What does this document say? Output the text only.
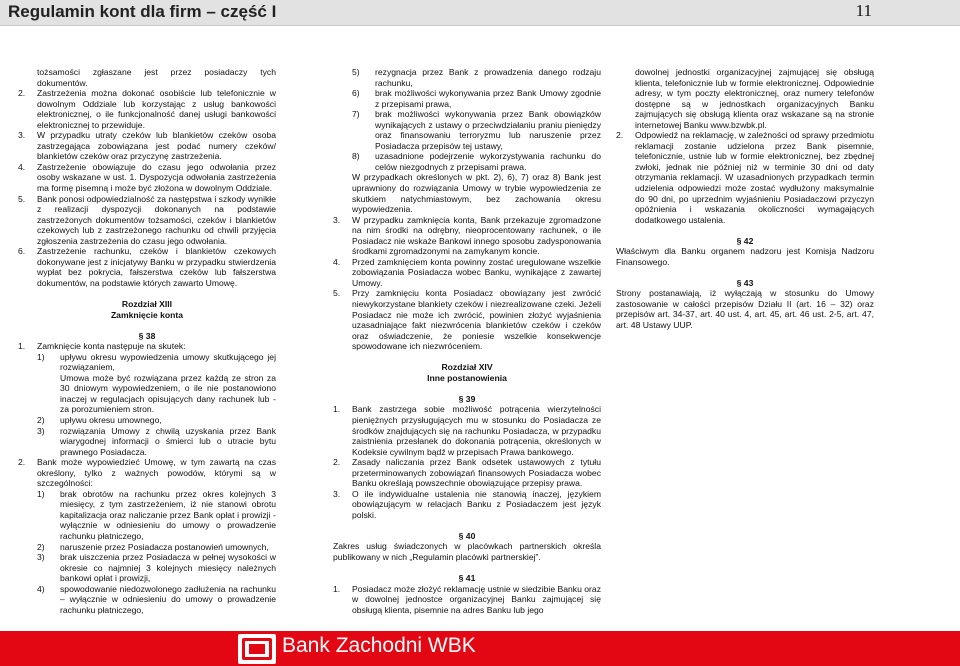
Regulamin kont dla firm – część I	11
tożsamości zgłaszane jest przez posiadaczy tych dokumentów.
2. Zastrzeżenia można dokonać osobiście lub telefonicznie w dowolnym Oddziale lub korzystając z usług bankowości elektronicznej, o ile funkcjonalność danej usługi bankowości elektronicznej to przewiduje.
3. W przypadku utraty czeków lub blankietów czeków osoba zastrzegająca zobowiązana jest podać numery czeków/ blankietów czeków oraz przyczynę zastrzeżenia.
4. Zastrzeżenie obowiązuje do czasu jego odwołania przez osoby wskazane w ust. 1. Dyspozycja odwołania zastrzeżenia ma formę pisemną i może być złożona w dowolnym Oddziale.
5. Bank ponosi odpowiedzialność za następstwa i szkody wynikłe z realizacji dyspozycji dokonanych na podstawie zastrzeżonych dokumentów tożsamości, czeków i blankietów czekowych lub z zastrzeżonego rachunku od chwili przyjęcia zgłoszenia zastrzeżenia do czasu jego odwołania.
6. Zastrzeżenie rachunku, czeków i blankietów czekowych dokonywane jest z inicjatywy Banku w przypadku stwierdzenia wypłat bez pokrycia, fałszerstwa czeków lub fałszerstwa dokumentów, na podstawie których zawarto Umowę.
Rozdział XIII
Zamknięcie konta
§ 38
1. Zamknięcie konta następuje na skutek:
1) upływu okresu wypowiedzenia umowy skutkującego jej rozwiązaniem,
Umowa może być rozwiązana przez każdą ze stron za 30 dniowym wypowiedzeniem, o ile nie postanowiono inaczej w regulacjach opisujących dany rachunek lub - za porozumieniem stron.
2) upływu okresu umownego,
3) rozwiązania Umowy z chwilą uzyskania przez Bank wiarygodnej informacji o śmierci lub o utracie bytu prawnego Posiadacza.
2. Bank może wypowiedzieć Umowę, w tym zawartą na czas określony, tylko z ważnych powodów, którymi są w szczególności:
1) brak obrotów na rachunku przez okres kolejnych 3 miesięcy, z tym zastrzeżeniem, iż nie stanowi obrotu kapitalizacja oraz naliczanie przez Bank opłat i prowizji - wyłącznie w odniesieniu do umowy o prowadzenie rachunku płatniczego,
2) naruszenie przez Posiadacza postanowień umownych,
3) brak uiszczenia przez Posiadacza w pełnej wysokości w okresie co najmniej 3 kolejnych miesięcy należnych bankowi opłat i prowizji,
4) spowodowanie niedozwolonego zadłużenia na rachunku – wyłącznie w odniesieniu do umowy o prowadzenie rachunku płatniczego,
5) rezygnacja przez Bank z prowadzenia danego rodzaju rachunku,
6) brak możliwości wykonywania przez Bank Umowy zgodnie z przepisami prawa,
7) brak możliwości wykonywania przez Bank obowiązków wynikających z ustawy o przeciwdziałaniu praniu pieniędzy oraz finansowaniu terroryzmu lub naruszenie przez Posiadacza przepisów tej ustawy,
8) uzasadnione podejrzenie wykorzystywania rachunku do celów niezgodnych z przepisami prawa.
W przypadkach określonych w pkt. 2), 6), 7) oraz 8) Bank jest uprawniony do rozwiązania Umowy w trybie wypowiedzenia ze skutkiem natychmiastowym, bez zachowania okresu wypowiedzenia.
3. W przypadku zamknięcia konta, Bank przekazuje zgromadzone na nim środki na odrębny, nieoprocentowany rachunek, o ile Posiadacz nie wskaże Bankowi innego sposobu zadysponowania środkami zgromadzonymi na zamykanym koncie.
4. Przed zamknięciem konta powinny zostać uregulowane wszelkie zobowiązania Posiadacza wobec Banku, wynikające z zawartej Umowy.
5. Przy zamknięciu konta Posiadacz obowiązany jest zwrócić niewykorzystane blankiety czeków i niezrealizowane czeki. Jeżeli Posiadacz nie może ich zwrócić, powinien złożyć wyjaśnienia uzasadniające fakt niezwrócenia blankietów czeków i czeków oraz oświadczenie, że poniesie wszelkie konsekwencje spowodowane ich niezwróceniem.
Rozdział XIV
Inne postanowienia
§ 39
1. Bank zastrzega sobie możliwość potrącenia wierzytelności pieniężnych przysługujących mu w stosunku do Posiadacza ze środków znajdujących się na rachunku Posiadacza, w przypadku zaistnienia przesłanek do dokonania potrącenia, określonych w Kodeksie cywilnym bądź w przepisach Prawa bankowego.
2. Zasady naliczania przez Bank odsetek ustawowych z tytułu przeterminowanych zobowiązań finansowych Posiadacza wobec Banku określają powszechnie obowiązujące przepisy prawa.
3. O ile indywidualne ustalenia nie stanowią inaczej, językiem obowiązującym w relacjach Banku z Posiadaczem jest język polski.
§ 40
Zakres usług świadczonych w placówkach partnerskich określa publikowany w nich „Regulamin placówki partnerskiej”.
§ 41
1. Posiadacz może złożyć reklamację ustnie w siedzibie Banku oraz w dowolnej jednostce organizacyjnej Banku zajmującej się obsługą klienta, pisemnie na adres Banku lub jego
dowolnej jednostki organizacyjnej zajmującej się obsługą klienta, telefonicznie lub w formie elektronicznej. Odpowiednie adresy, w tym poczty elektronicznej, oraz numery telefonów dostępne są w jednostkach organizacyjnych Banku zajmujących się obsługą klienta oraz wskazane są na stronie internetowej Banku www.bzwbk.pl.
2. Odpowiedź na reklamację, w zależności od sprawy przedmiotu reklamacji zostanie udzielona przez Bank pisemnie, telefonicznie, ustnie lub w formie elektronicznej, bez zbędnej zwłoki, jednak nie później niż w terminie 30 dni od daty otrzymania reklamacji. W uzasadnionych przypadkach termin udzielenia odpowiedzi może zostać wydłużony maksymalnie do 90 dni, po uprzednim wyjaśnieniu Posiadaczowi przyczyn opóźnienia i wskazania okoliczności wymagających dodatkowego ustalenia.
§ 42
Właściwym dla Banku organem nadzoru jest Komisja Nadzoru Finansowego.
§ 43
Strony postanawiają, iż wyłączają w stosunku do Umowy zastosowanie w całości przepisów Działu II (art. 16 – 32) oraz przepisów art. 34-37, art. 40 ust. 4, art. 45, art. 46 ust. 2-5, art. 47, art. 48 Ustawy UUP.
Bank Zachodni WBK
